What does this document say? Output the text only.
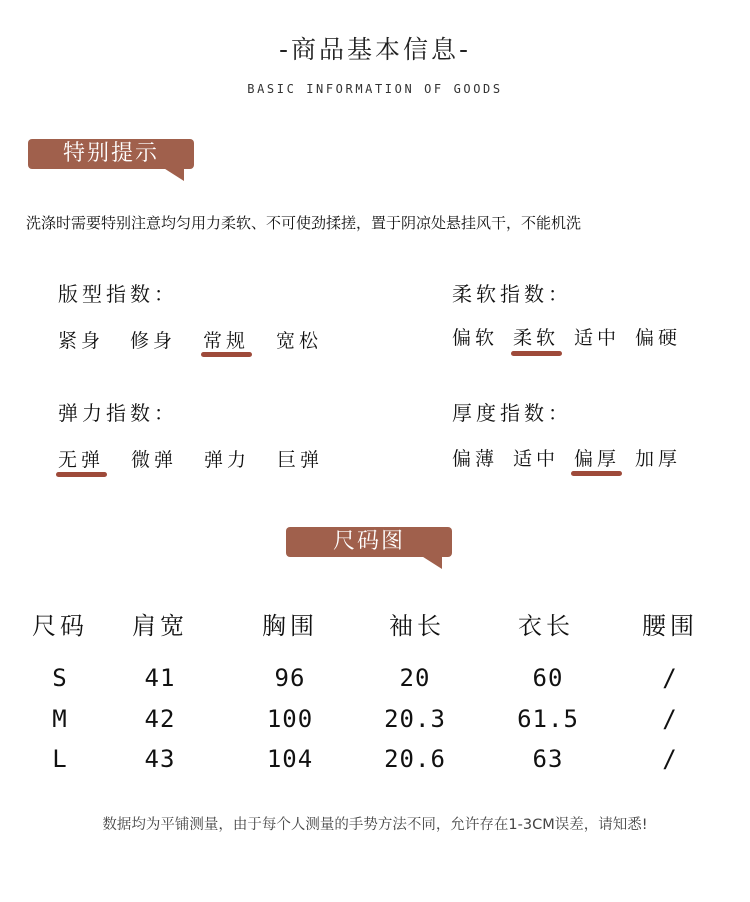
-商品基本信息-
BASIC INFORMATION OF GOODS
特别提示
洗涤时需要特别注意均匀用力柔软、不可使劲揉搓，置于阴凉处悬挂风干，不能机洗
版型指数：
紧身 修身 常规 宽松
柔软指数：
偏软 柔软 适中 偏硬
弹力指数：
无弹 微弹 弹力 巨弹
厚度指数：
偏薄 适中 偏厚 加厚
尺码图
尺码	肩宽	胸围	袖长	衣长	腰围
S	41	96	20	60	/
M	42	100	20.3	61.5	/
L	43	104	20.6	63	/
数据均为平铺测量，由于每个人测量的手势方法不同，允许存在1-3CM误差，请知悉!
